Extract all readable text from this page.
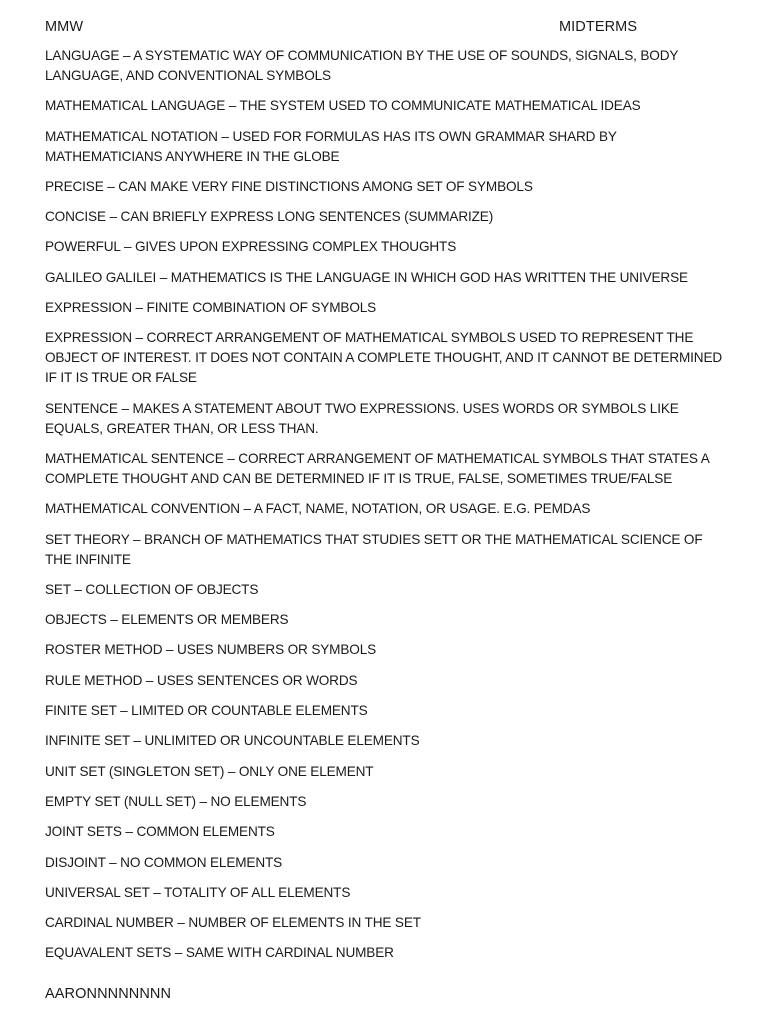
MMW	MIDTERMS

LANGUAGE – A SYSTEMATIC WAY OF COMMUNICATION BY THE USE OF SOUNDS, SIGNALS, BODY LANGUAGE, AND CONVENTIONAL SYMBOLS

MATHEMATICAL LANGUAGE – THE SYSTEM USED TO COMMUNICATE MATHEMATICAL IDEAS

MATHEMATICAL NOTATION – USED FOR FORMULAS HAS ITS OWN GRAMMAR SHARD BY MATHEMATICIANS ANYWHERE IN THE GLOBE

PRECISE – CAN MAKE VERY FINE DISTINCTIONS AMONG SET OF SYMBOLS

CONCISE – CAN BRIEFLY EXPRESS LONG SENTENCES (SUMMARIZE)

POWERFUL – GIVES UPON EXPRESSING COMPLEX THOUGHTS

GALILEO GALILEI – MATHEMATICS IS THE LANGUAGE IN WHICH GOD HAS WRITTEN THE UNIVERSE

EXPRESSION – FINITE COMBINATION OF SYMBOLS

EXPRESSION – CORRECT ARRANGEMENT OF MATHEMATICAL SYMBOLS USED TO REPRESENT THE OBJECT OF INTEREST. IT DOES NOT CONTAIN A COMPLETE THOUGHT, AND IT CANNOT BE DETERMINED IF IT IS TRUE OR FALSE

SENTENCE – MAKES A STATEMENT ABOUT TWO EXPRESSIONS. USES WORDS OR SYMBOLS LIKE EQUALS, GREATER THAN, OR LESS THAN.

MATHEMATICAL SENTENCE – CORRECT ARRANGEMENT OF MATHEMATICAL SYMBOLS THAT STATES A COMPLETE THOUGHT AND CAN BE DETERMINED IF IT IS TRUE, FALSE, SOMETIMES TRUE/FALSE

MATHEMATICAL CONVENTION – A FACT, NAME, NOTATION, OR USAGE. E.G. PEMDAS

SET THEORY – BRANCH OF MATHEMATICS THAT STUDIES SETT OR THE MATHEMATICAL SCIENCE OF THE INFINITE

SET – COLLECTION OF OBJECTS

OBJECTS – ELEMENTS OR MEMBERS

ROSTER METHOD – USES NUMBERS OR SYMBOLS

RULE METHOD – USES SENTENCES OR WORDS

FINITE SET – LIMITED OR COUNTABLE ELEMENTS

INFINITE SET – UNLIMITED OR UNCOUNTABLE ELEMENTS

UNIT SET (SINGLETON SET) – ONLY ONE ELEMENT

EMPTY SET (NULL SET) – NO ELEMENTS

JOINT SETS – COMMON ELEMENTS

DISJOINT – NO COMMON ELEMENTS

UNIVERSAL SET – TOTALITY OF ALL ELEMENTS

CARDINAL NUMBER – NUMBER OF ELEMENTS IN THE SET

EQUAVALENT SETS – SAME WITH CARDINAL NUMBER

AARONNNNNNNN
